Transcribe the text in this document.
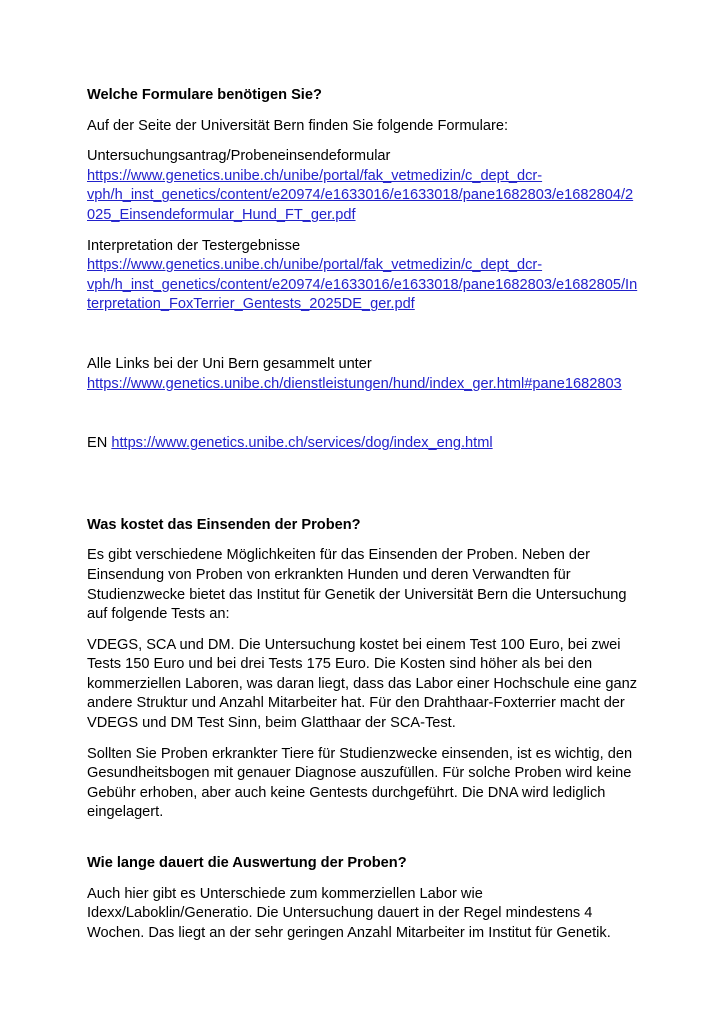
Welche Formulare benötigen Sie?
Auf der Seite der Universität Bern finden Sie folgende Formulare:
Untersuchungsantrag/Probeneinsendeformular
https://www.genetics.unibe.ch/unibe/portal/fak_vetmedizin/c_dept_dcr-
vph/h_inst_genetics/content/e20974/e1633016/e1633018/pane1682803/e1682804/2
025_Einsendeformular_Hund_FT_ger.pdf
Interpretation der Testergebnisse
https://www.genetics.unibe.ch/unibe/portal/fak_vetmedizin/c_dept_dcr-
vph/h_inst_genetics/content/e20974/e1633016/e1633018/pane1682803/e1682805/In
terpretation_FoxTerrier_Gentests_2025DE_ger.pdf
Alle Links bei der Uni Bern gesammelt unter
https://www.genetics.unibe.ch/dienstleistungen/hund/index_ger.html#pane1682803
EN https://www.genetics.unibe.ch/services/dog/index_eng.html
Was kostet das Einsenden der Proben?
Es gibt verschiedene Möglichkeiten für das Einsenden der Proben. Neben der Einsendung von Proben von erkrankten Hunden und deren Verwandten für Studienzwecke bietet das Institut für Genetik der Universität Bern die Untersuchung auf folgende Tests an:
VDEGS, SCA und DM. Die Untersuchung kostet bei einem Test 100 Euro, bei zwei Tests 150 Euro und bei drei Tests 175 Euro. Die Kosten sind höher als bei den kommerziellen Laboren, was daran liegt, dass das Labor einer Hochschule eine ganz andere Struktur und Anzahl Mitarbeiter hat. Für den Drahthaar-Foxterrier macht der VDEGS und DM Test Sinn, beim Glatthaar der SCA-Test.
Sollten Sie Proben erkrankter Tiere für Studienzwecke einsenden, ist es wichtig, den Gesundheitsbogen mit genauer Diagnose auszufüllen. Für solche Proben wird keine Gebühr erhoben, aber auch keine Gentests durchgeführt. Die DNA wird lediglich eingelagert.
Wie lange dauert die Auswertung der Proben?
Auch hier gibt es Unterschiede zum kommerziellen Labor wie Idexx/Laboklin/Generatio. Die Untersuchung dauert in der Regel mindestens 4 Wochen. Das liegt an der sehr geringen Anzahl Mitarbeiter im Institut für Genetik.
